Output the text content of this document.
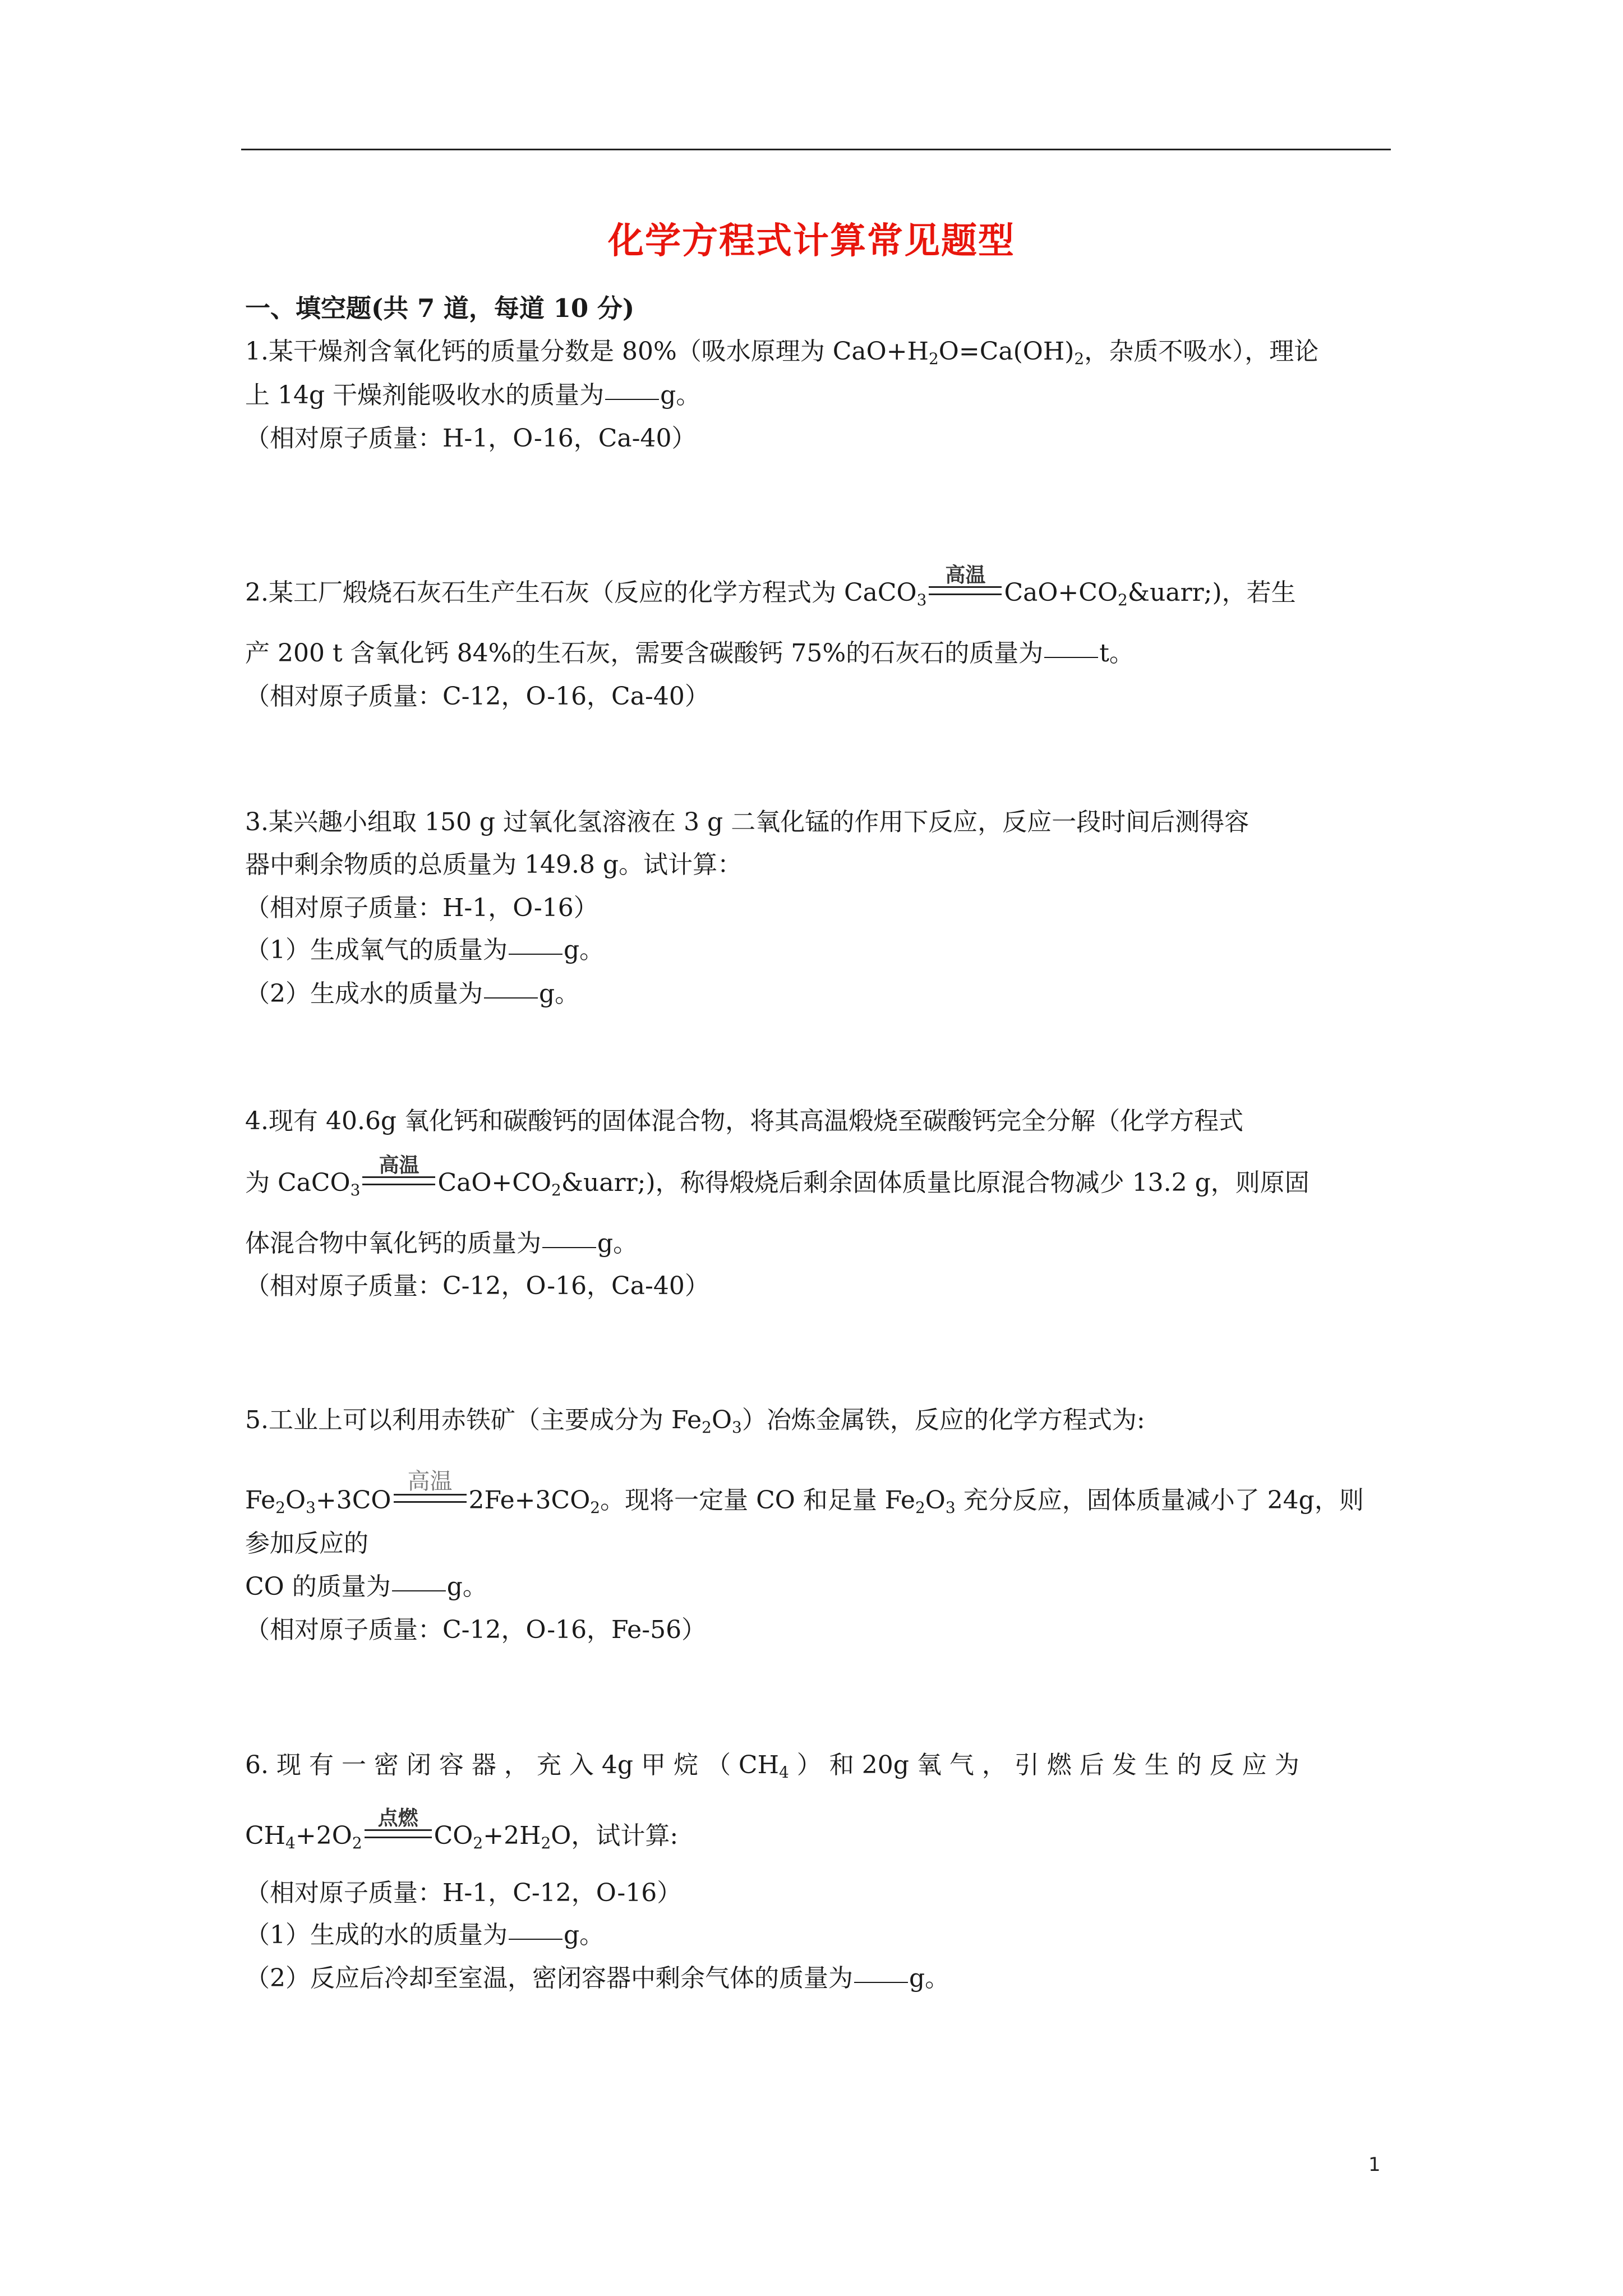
化学方程式计算常见题型
一、填空题(共 7 道，每道 10 分)
1.某干燥剂含氧化钙的质量分数是 80%（吸水原理为 $CaO+H_2O=Ca(OH)_2$，杂质不吸水），理论
上 14g 干燥剂能吸收水的质量为 g。
（相对原子质量：H-1，O-16，Ca-40）
2.某工厂煅烧石灰石生产生石灰（反应的化学方程式为 CaCO$_3$
高温
$CaO+CO_2\&uarr$;)，若生
产 200 t 含氧化钙 84%的生石灰，需要含碳酸钙 75%的石灰石的质量为 t。
（相对原子质量：C-12，O-16，Ca-40）
3.某兴趣小组取 150 g 过氧化氢溶液在 3 g 二氧化锰的作用下反应，反应一段时间后测得容
器中剩余物质的总质量为 149.8 g。试计算：
（相对原子质量：H-1，O-16）
（1）生成氧气的质量为 g。
（2）生成水的质量为 g。
4.现有 40.6g 氧化钙和碳酸钙的固体混合物，将其高温煅烧至碳酸钙完全分解（化学方程式
为 CaCO$_3$
高温
$CaO+CO_2\&uarr$;)，称得煅烧后剩余固体质量比原混合物减少 13.2 g，则原固
体混合物中氧化钙的质量为 g。
（相对原子质量：C-12，O-16，Ca-40）
5.工业上可以利用赤铁矿（主要成分为 $Fe_2O_3$）冶炼金属铁，反应的化学方程式为:
$Fe_2O_3+3CO$
高温
$2Fe+3CO_2$。现将一定量 CO 和足量 $Fe_2O_3$ 充分反应，固体质量减小了 24g，则
参加反应的
CO 的质量为 g。
（相对原子质量：C-12，O-16，Fe-56）
6. 现 有 一 密 闭 容 器 ， 充 入 4g 甲 烷 （ $CH_4$ ） 和 20g 氧 气 ， 引 燃 后 发 生 的 反 应 为
$CH_4+2O_2$
点燃
$CO_2+2H_2O$，试计算:
（相对原子质量：H-1，C-12，O-16）
（1）生成的水的质量为 g。
（2）反应后冷却至室温，密闭容器中剩余气体的质量为 g。
1
